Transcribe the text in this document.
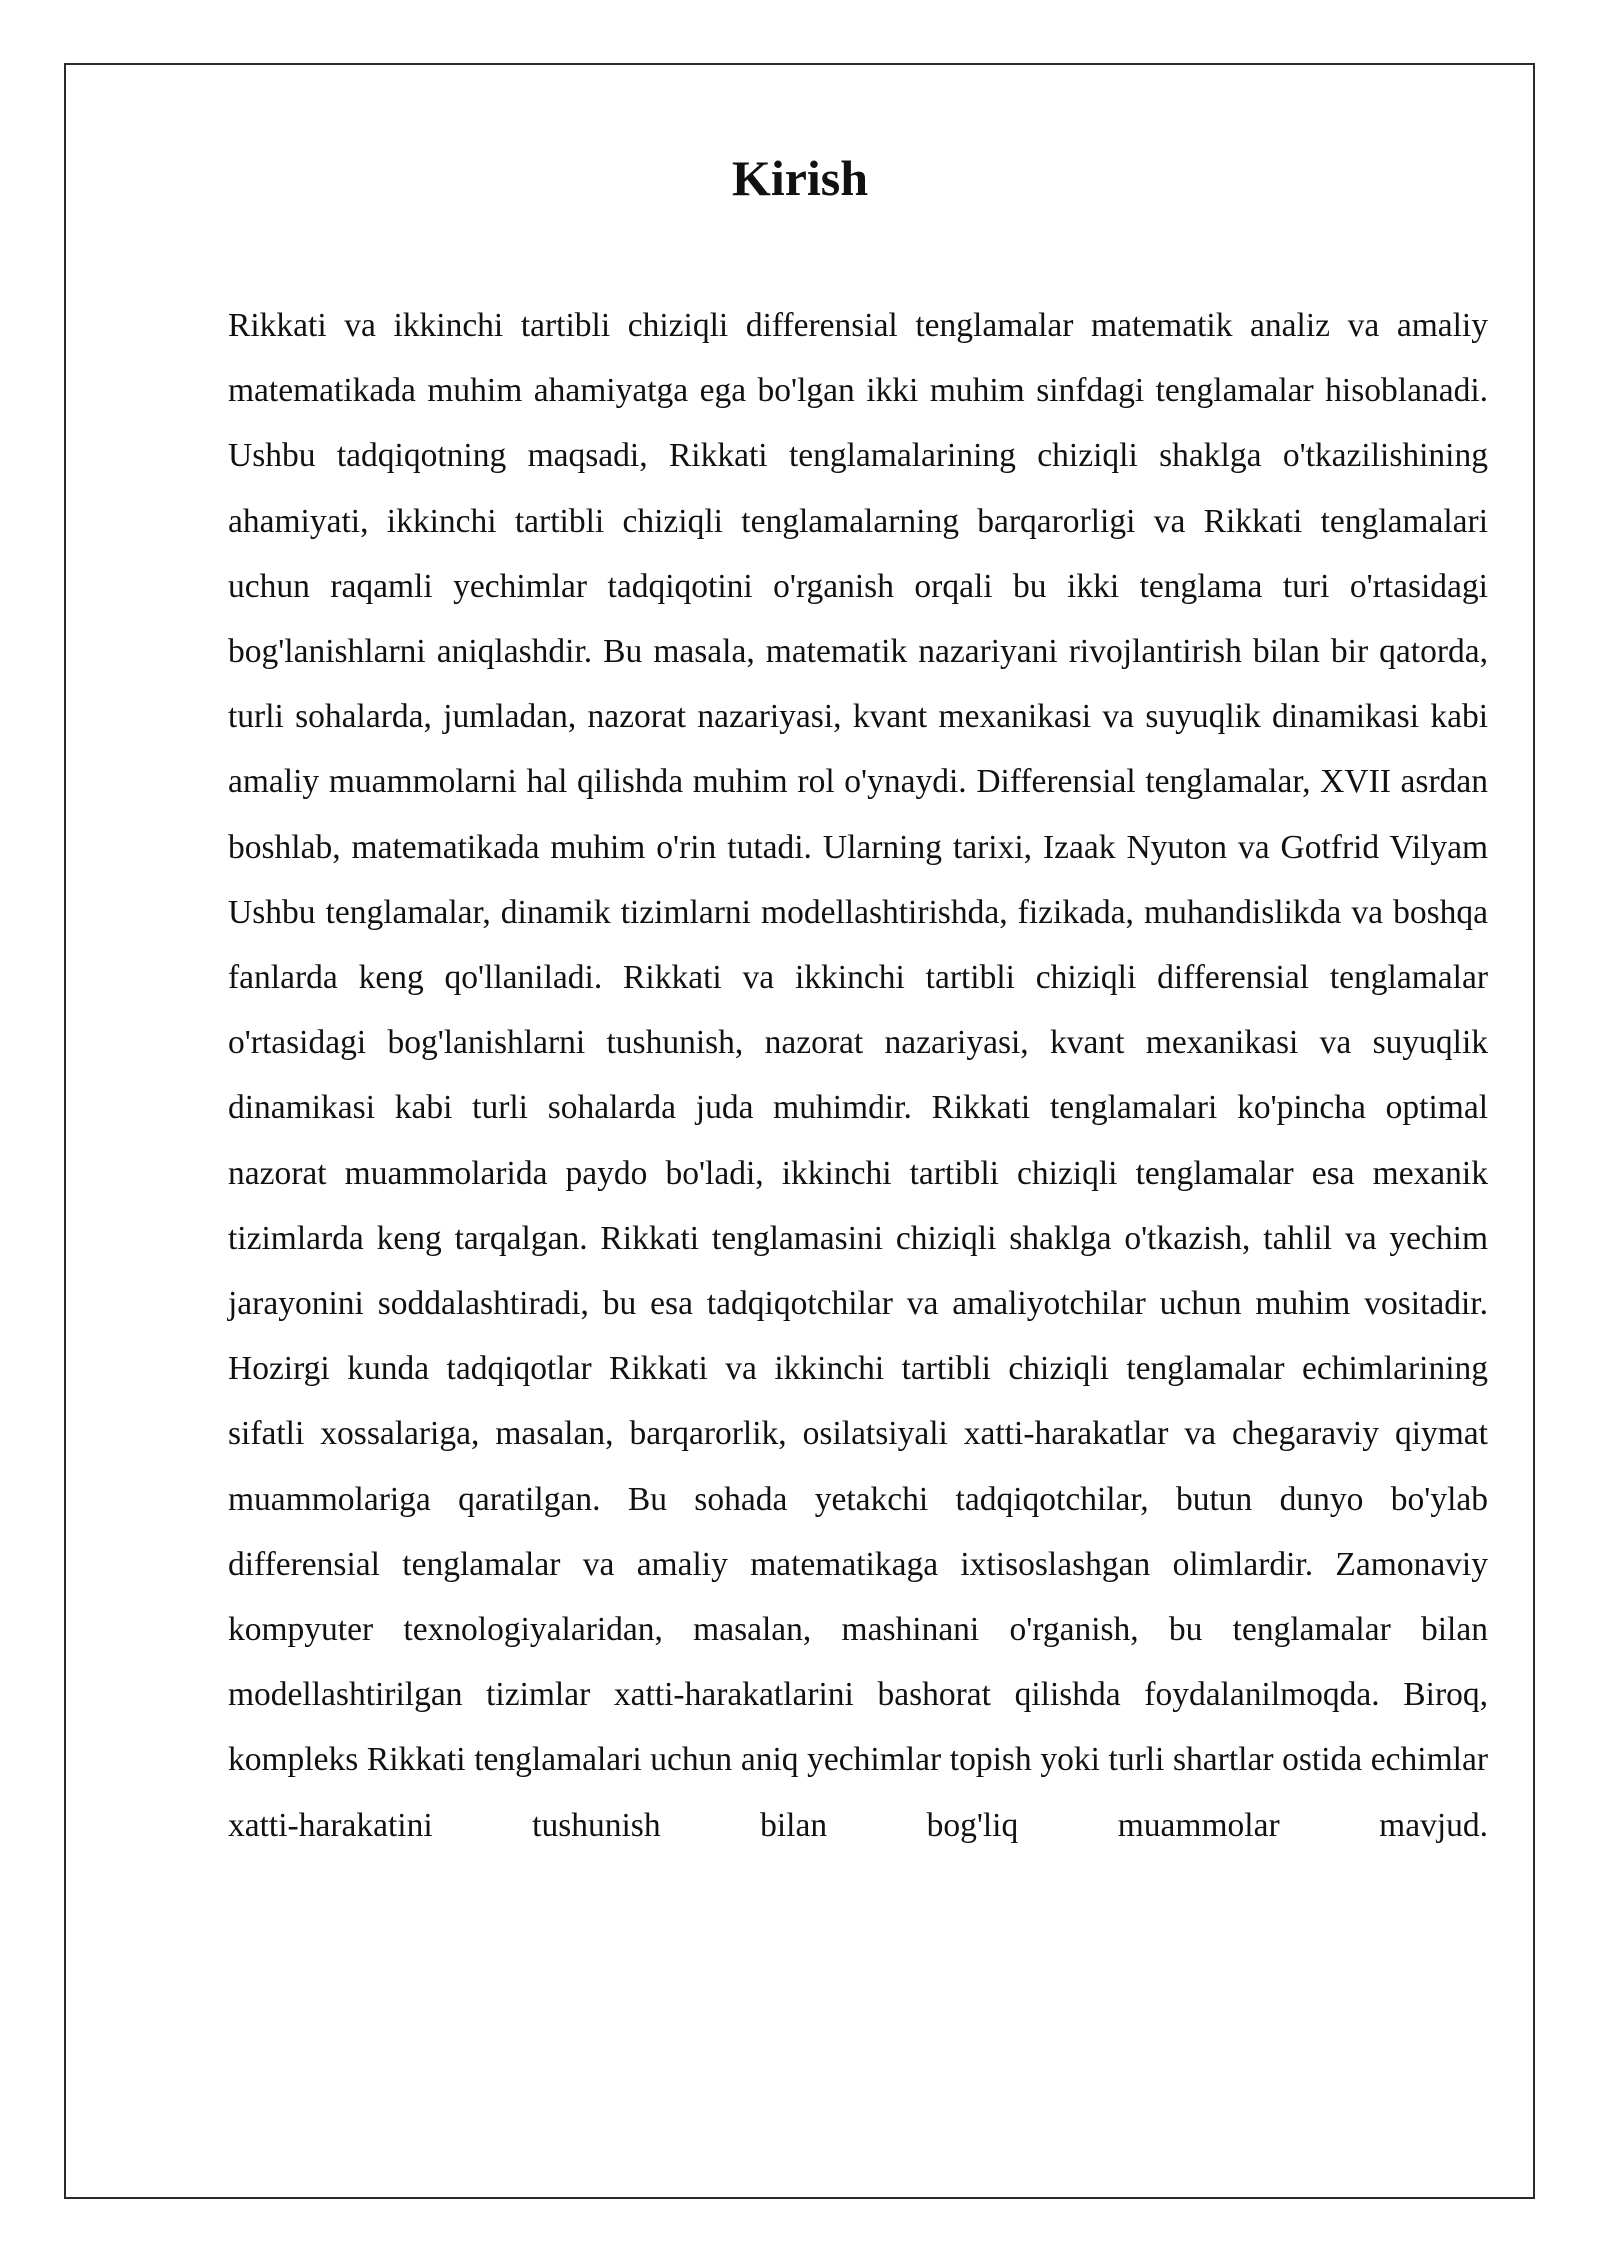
Kirish

Rikkati va ikkinchi tartibli chiziqli differensial tenglamalar matematik analiz va amaliy matematikada muhim ahamiyatga ega bo'lgan ikki muhim sinfdagi tenglamalar hisoblanadi. Ushbu tadqiqotning maqsadi, Rikkati tenglamalarining chiziqli shaklga o'tkazilishining ahamiyati, ikkinchi tartibli chiziqli tenglamalarning barqarorligi va Rikkati tenglamalari uchun raqamli yechimlar tadqiqotini o'rganish orqali bu ikki tenglama turi o'rtasidagi bog'lanishlarni aniqlashdir. Bu masala, matematik nazariyani rivojlantirish bilan bir qatorda, turli sohalarda, jumladan, nazorat nazariyasi, kvant mexanikasi va suyuqlik dinamikasi kabi amaliy muammolarni hal qilishda muhim rol o'ynaydi. Differensial tenglamalar, XVII asrdan boshlab, matematikada muhim o'rin tutadi. Ularning tarixi, Izaak Nyuton va Gotfrid Vilyam Ushbu tenglamalar, dinamik tizimlarni modellashtirishda, fizikada, muhandislikda va boshqa fanlarda keng qo'llaniladi. Rikkati va ikkinchi tartibli chiziqli differensial tenglamalar o'rtasidagi bog'lanishlarni tushunish, nazorat nazariyasi, kvant mexanikasi va suyuqlik dinamikasi kabi turli sohalarda juda muhimdir. Rikkati tenglamalari ko'pincha optimal nazorat muammolarida paydo bo'ladi, ikkinchi tartibli chiziqli tenglamalar esa mexanik tizimlarda keng tarqalgan. Rikkati tenglamasini chiziqli shaklga o'tkazish, tahlil va yechim jarayonini soddalashtiradi, bu esa tadqiqotchilar va amaliyotchilar uchun muhim vositadir. Hozirgi kunda tadqiqotlar Rikkati va ikkinchi tartibli chiziqli tenglamalar echimlarining sifatli xossalariga, masalan, barqarorlik, osilatsiyali xatti-harakatlar va chegaraviy qiymat muammolariga qaratilgan. Bu sohada yetakchi tadqiqotchilar, butun dunyo bo'ylab differensial tenglamalar va amaliy matematikaga ixtisoslashgan olimlardir. Zamonaviy kompyuter texnologiyalaridan, masalan, mashinani o'rganish, bu tenglamalar bilan modellashtirilgan tizimlar xatti-harakatlarini bashorat qilishda foydalanilmoqda. Biroq, kompleks Rikkati tenglamalari uchun aniq yechimlar topish yoki turli shartlar ostida echimlar xatti-harakatini tushunish bilan bog'liq muammolar mavjud.
